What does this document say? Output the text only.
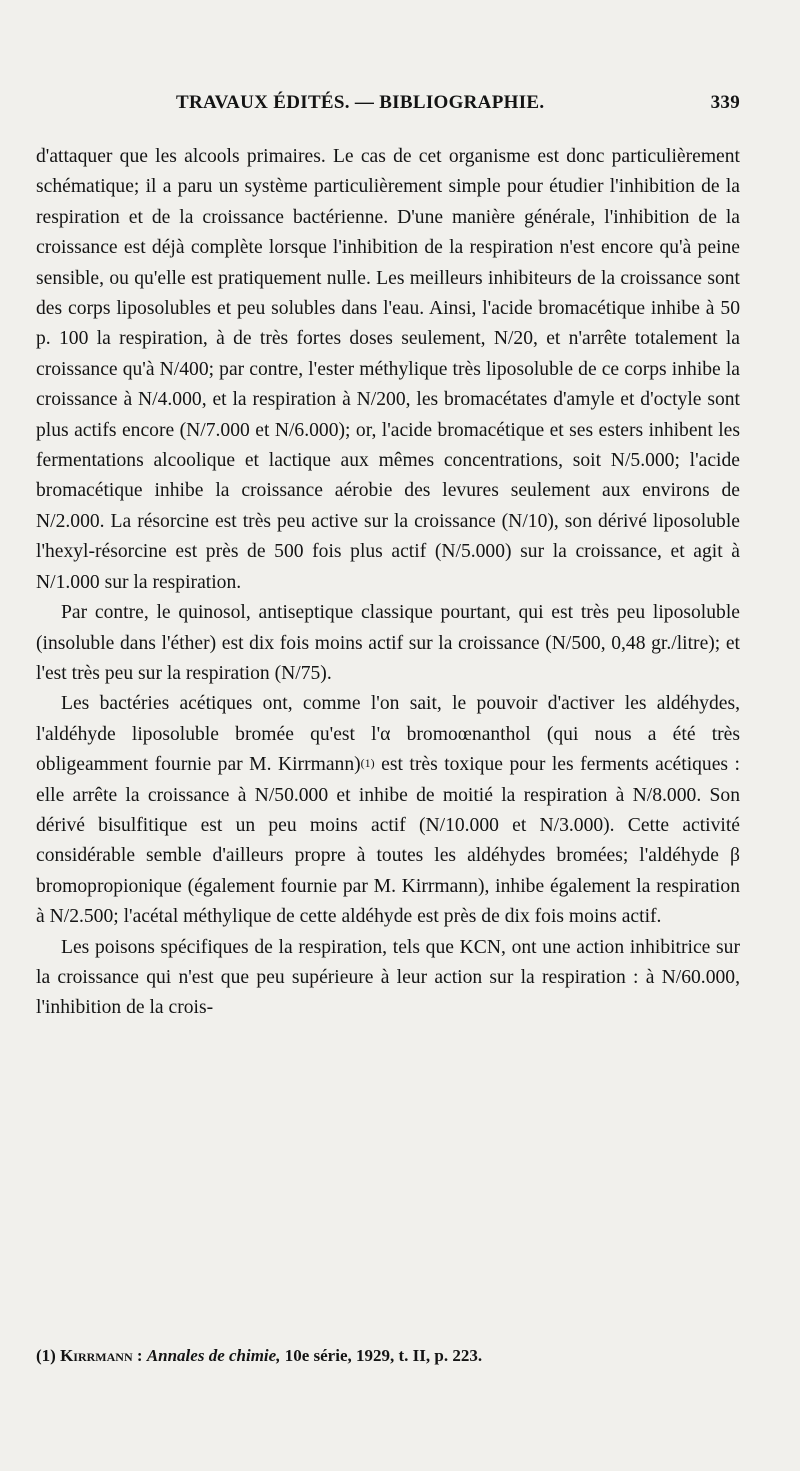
TRAVAUX ÉDITÉS. — BIBLIOGRAPHIE.	339

d'attaquer que les alcools primaires. Le cas de cet organisme est donc particulièrement schématique; il a paru un système particulièrement simple pour étudier l'inhibition de la respiration et de la croissance bactérienne. D'une manière générale, l'inhibition de la croissance est déjà complète lorsque l'inhibition de la respiration n'est encore qu'à peine sensible, ou qu'elle est pratiquement nulle. Les meilleurs inhibiteurs de la croissance sont des corps liposolubles et peu solubles dans l'eau. Ainsi, l'acide bromacétique inhibe à 50 p. 100 la respiration, à de très fortes doses seulement, N/20, et n'arrête totalement la croissance qu'à N/400; par contre, l'ester méthylique très liposoluble de ce corps inhibe la croissance à N/4.000, et la respiration à N/200, les bromacétates d'amyle et d'octyle sont plus actifs encore (N/7.000 et N/6.000); or, l'acide bromacétique et ses esters inhibent les fermentations alcoolique et lactique aux mêmes concentrations, soit N/5.000; l'acide bromacétique inhibe la croissance aérobie des levures seulement aux environs de N/2.000. La résorcine est très peu active sur la croissance (N/10), son dérivé liposoluble l'hexyl-résorcine est près de 500 fois plus actif (N/5.000) sur la croissance, et agit à N/1.000 sur la respiration.

Par contre, le quinosol, antiseptique classique pourtant, qui est très peu liposoluble (insoluble dans l'éther) est dix fois moins actif sur la croissance (N/500, 0,48 gr./litre); et l'est très peu sur la respiration (N/75).

Les bactéries acétiques ont, comme l'on sait, le pouvoir d'activer les aldéhydes, l'aldéhyde liposoluble bromée qu'est l'α bromoœnanthol (qui nous a été très obligeamment fournie par M. Kirrmann)$^{(1)}$ est très toxique pour les ferments acétiques : elle arrête la croissance à N/50.000 et inhibe de moitié la respiration à N/8.000. Son dérivé bisulfitique est un peu moins actif (N/10.000 et N/3.000). Cette activité considérable semble d'ailleurs propre à toutes les aldéhydes bromées; l'aldéhyde β bromopropionique (également fournie par M. Kirrmann), inhibe également la respiration à N/2.500; l'acétal méthylique de cette aldéhyde est près de dix fois moins actif.

Les poisons spécifiques de la respiration, tels que KCN, ont une action inhibitrice sur la croissance qui n'est que peu supérieure à leur action sur la respiration : à N/60.000, l'inhibition de la crois-

(1) Kirrmann : Annales de chimie, 10e série, 1929, t. II, p. 223.
